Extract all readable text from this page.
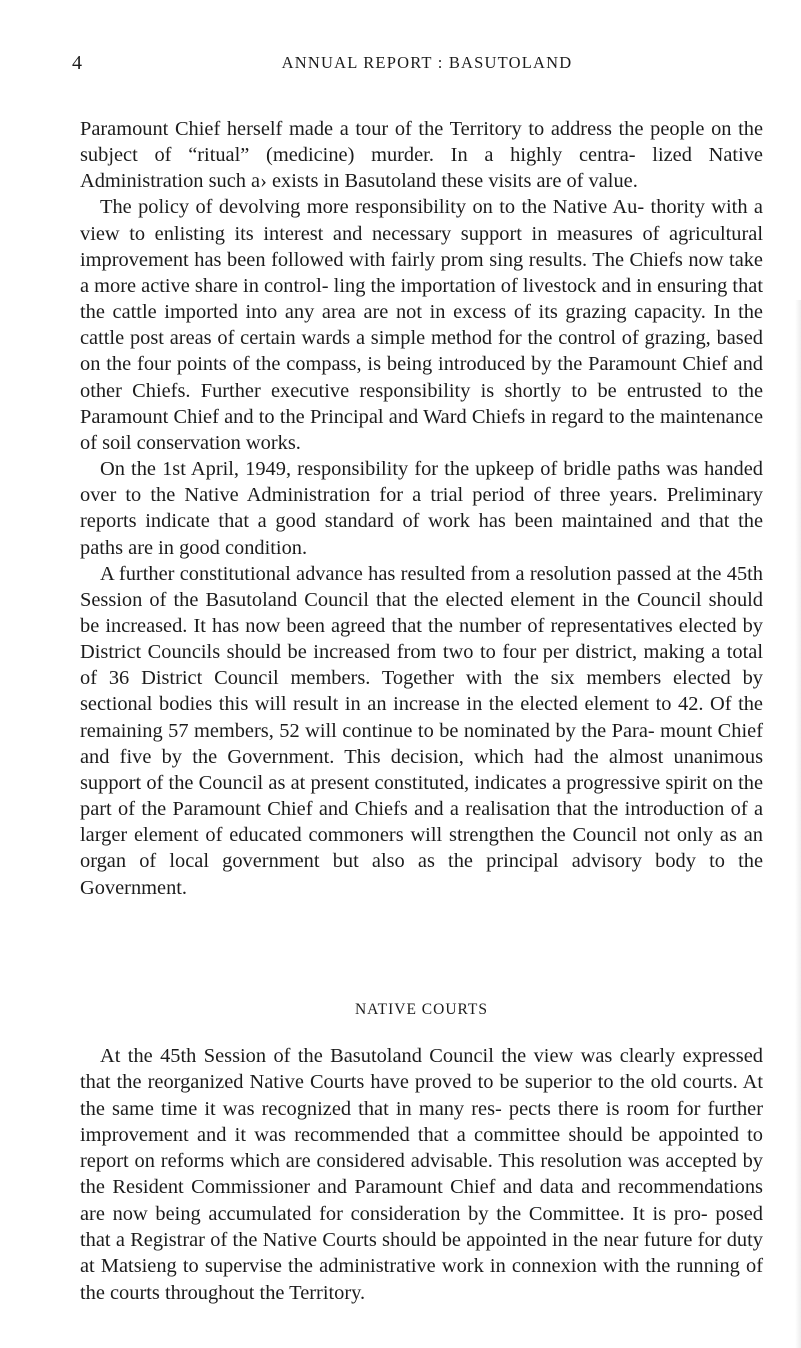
4	ANNUAL REPORT : BASUTOLAND

Paramount Chief herself made a tour of the Territory to address the people on the subject of “ritual” (medicine) murder. In a highly centra- lized Native Administration such a› exists in Basutoland these visits are of value.

The policy of devolving more responsibility on to the Native Au- thority with a view to enlisting its interest and necessary support in measures of agricultural improvement has been followed with fairly prom sing results. The Chiefs now take a more active share in control- ling the importation of livestock and in ensuring that the cattle imported into any area are not in excess of its grazing capacity. In the cattle post areas of certain wards a simple method for the control of grazing, based on the four points of the compass, is being introduced by the Paramount Chief and other Chiefs. Further executive responsibility is shortly to be entrusted to the Paramount Chief and to the Principal and Ward Chiefs in regard to the maintenance of soil conservation works.

On the 1st April, 1949, responsibility for the upkeep of bridle paths was handed over to the Native Administration for a trial period of three years. Preliminary reports indicate that a good standard of work has been maintained and that the paths are in good condition.

A further constitutional advance has resulted from a resolution passed at the 45th Session of the Basutoland Council that the elected element in the Council should be increased. It has now been agreed that the number of representatives elected by District Councils should be increased from two to four per district, making a total of 36 District Council members. Together with the six members elected by sectional bodies this will result in an increase in the elected element to 42. Of the remaining 57 members, 52 will continue to be nominated by the Para- mount Chief and five by the Government. This decision, which had the almost unanimous support of the Council as at present constituted, indicates a progressive spirit on the part of the Paramount Chief and Chiefs and a realisation that the introduction of a larger element of educated commoners will strengthen the Council not only as an organ of local government but also as the principal advisory body to the Government.

NATIVE COURTS

At the 45th Session of the Basutoland Council the view was clearly expressed that the reorganized Native Courts have proved to be superior to the old courts. At the same time it was recognized that in many res- pects there is room for further improvement and it was recommended that a committee should be appointed to report on reforms which are considered advisable. This resolution was accepted by the Resident Commissioner and Paramount Chief and data and recommendations are now being accumulated for consideration by the Committee. It is pro- posed that a Registrar of the Native Courts should be appointed in the near future for duty at Matsieng to supervise the administrative work in connexion with the running of the courts throughout the Territory.
